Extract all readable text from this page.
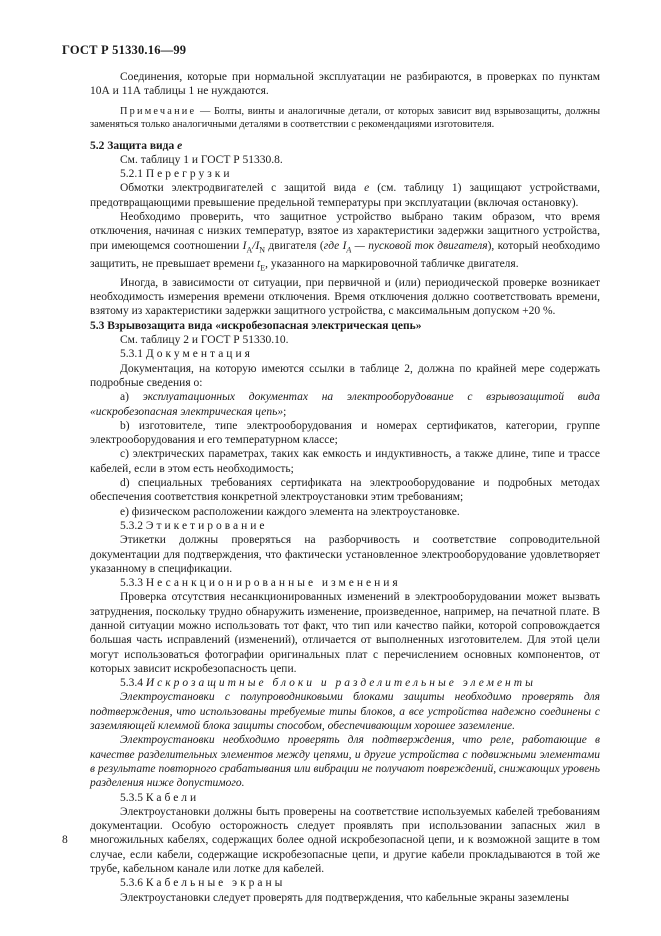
ГОСТ Р 51330.16—99

Соединения, которые при нормальной эксплуатации не разбираются, в проверках по пунктам 10А и 11А таблицы 1 не нуждаются.

Примечание — Болты, винты и аналогичные детали, от которых зависит вид взрывозащиты, должны заменяться только аналогичными деталями в соответствии с рекомендациями изготовителя.

5.2 Защита вида е

См. таблицу 1 и ГОСТ Р 51330.8.

5.2.1 Перегрузки

Обмотки электродвигателей с защитой вида е (см. таблицу 1) защищают устройствами, предотвращающими превышение предельной температуры при эксплуатации (включая остановку).

Необходимо проверить, что защитное устройство выбрано таким образом, что время отключения, начиная с низких температур, взятое из характеристики задержки защитного устройства, при имеющемся соотношении $I_A/I_N$ двигателя (где $I_A$ — пусковой ток двигателя), который необходимо защитить, не превышает времени $t_E$, указанного на маркировочной табличке двигателя.

Иногда, в зависимости от ситуации, при первичной и (или) периодической проверке возникает необходимость измерения времени отключения. Время отключения должно соответствовать времени, взятому из характеристики задержки защитного устройства, с максимальным допуском +20 %.

5.3 Взрывозащита вида «искробезопасная электрическая цепь»

См. таблицу 2 и ГОСТ Р 51330.10.

5.3.1 Документация

Документация, на которую имеются ссылки в таблице 2, должна по крайней мере содержать подробные сведения о:

a) эксплуатационных документах на электрооборудование с взрывозащитой вида «искробезопасная электрическая цепь»;

b) изготовителе, типе электрооборудования и номерах сертификатов, категории, группе электрооборудования и его температурном классе;

c) электрических параметрах, таких как емкость и индуктивность, а также длине, типе и трассе кабелей, если в этом есть необходимость;

d) специальных требованиях сертификата на электрооборудование и подробных методах обеспечения соответствия конкретной электроустановки этим требованиям;

e) физическом расположении каждого элемента на электроустановке.

5.3.2 Этикетирование

Этикетки должны проверяться на разборчивость и соответствие сопроводительной документации для подтверждения, что фактически установленное электрооборудование удовлетворяет указанному в спецификации.

5.3.3 Несанкционированные изменения

Проверка отсутствия несанкционированных изменений в электрооборудовании может вызвать затруднения, поскольку трудно обнаружить изменение, произведенное, например, на печатной плате. В данной ситуации можно использовать тот факт, что тип или качество пайки, которой сопровождается большая часть исправлений (изменений), отличается от выполненных изготовителем. Для этой цели могут использоваться фотографии оригинальных плат с перечислением основных компонентов, от которых зависит искробезопасность цепи.

5.3.4 Искрозащитные блоки и разделительные элементы

Электроустановки с полупроводниковыми блоками защиты необходимо проверять для подтверждения, что использованы требуемые типы блоков, а все устройства надежно соединены с заземляющей клеммой блока защиты способом, обеспечивающим хорошее заземление.

Электроустановки необходимо проверять для подтверждения, что реле, работающие в качестве разделительных элементов между цепями, и другие устройства с подвижными элементами в результате повторного срабатывания или вибрации не получают повреждений, снижающих уровень разделения ниже допустимого.

5.3.5 Кабели

Электроустановки должны быть проверены на соответствие используемых кабелей требованиям документации. Особую осторожность следует проявлять при использовании запасных жил в многожильных кабелях, содержащих более одной искробезопасной цепи, и к возможной защите в том случае, если кабели, содержащие искробезопасные цепи, и другие кабели прокладываются в той же трубе, кабельном канале или лотке для кабелей.

5.3.6 Кабельные экраны

Электроустановки следует проверять для подтверждения, что кабельные экраны заземлены

8
